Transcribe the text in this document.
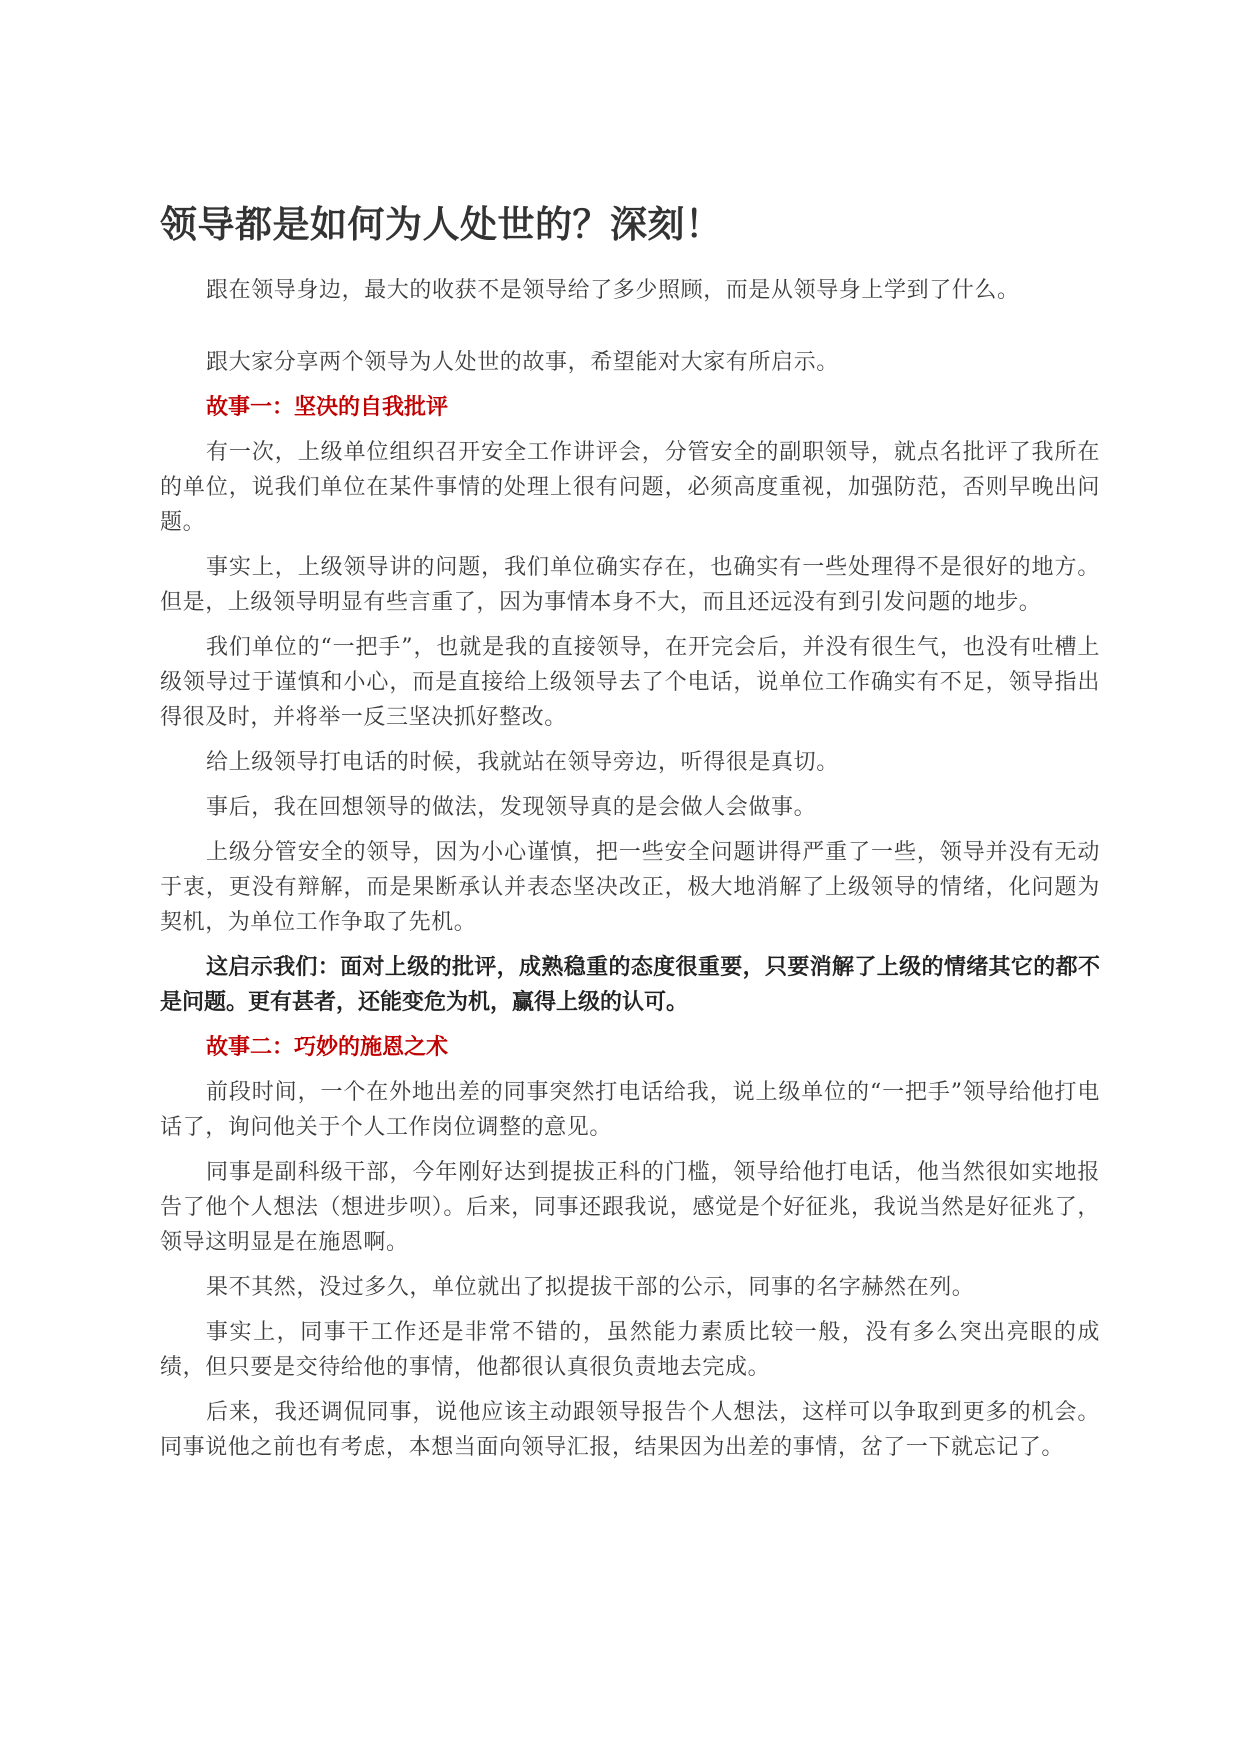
领导都是如何为人处世的？深刻！

跟在领导身边，最大的收获不是领导给了多少照顾，而是从领导身上学到了什么。

跟大家分享两个领导为人处世的故事，希望能对大家有所启示。

故事一：坚决的自我批评

有一次，上级单位组织召开安全工作讲评会，分管安全的副职领导，就点名批评了我所在的单位，说我们单位在某件事情的处理上很有问题，必须高度重视，加强防范，否则早晚出问题。

事实上，上级领导讲的问题，我们单位确实存在，也确实有一些处理得不是很好的地方。但是，上级领导明显有些言重了，因为事情本身不大，而且还远没有到引发问题的地步。

我们单位的“一把手”，也就是我的直接领导，在开完会后，并没有很生气，也没有吐槽上级领导过于谨慎和小心，而是直接给上级领导去了个电话，说单位工作确实有不足，领导指出得很及时，并将举一反三坚决抓好整改。

给上级领导打电话的时候，我就站在领导旁边，听得很是真切。

事后，我在回想领导的做法，发现领导真的是会做人会做事。

上级分管安全的领导，因为小心谨慎，把一些安全问题讲得严重了一些，领导并没有无动于衷，更没有辩解，而是果断承认并表态坚决改正，极大地消解了上级领导的情绪，化问题为契机，为单位工作争取了先机。

这启示我们：面对上级的批评，成熟稳重的态度很重要，只要消解了上级的情绪其它的都不是问题。更有甚者，还能变危为机，赢得上级的认可。

故事二：巧妙的施恩之术

前段时间，一个在外地出差的同事突然打电话给我，说上级单位的“一把手”领导给他打电话了，询问他关于个人工作岗位调整的意见。

同事是副科级干部，今年刚好达到提拔正科的门槛，领导给他打电话，他当然很如实地报告了他个人想法（想进步呗）。后来，同事还跟我说，感觉是个好征兆，我说当然是好征兆了，领导这明显是在施恩啊。

果不其然，没过多久，单位就出了拟提拔干部的公示，同事的名字赫然在列。

事实上，同事干工作还是非常不错的，虽然能力素质比较一般，没有多么突出亮眼的成绩，但只要是交待给他的事情，他都很认真很负责地去完成。

后来，我还调侃同事，说他应该主动跟领导报告个人想法，这样可以争取到更多的机会。同事说他之前也有考虑，本想当面向领导汇报，结果因为出差的事情，岔了一下就忘记了。
